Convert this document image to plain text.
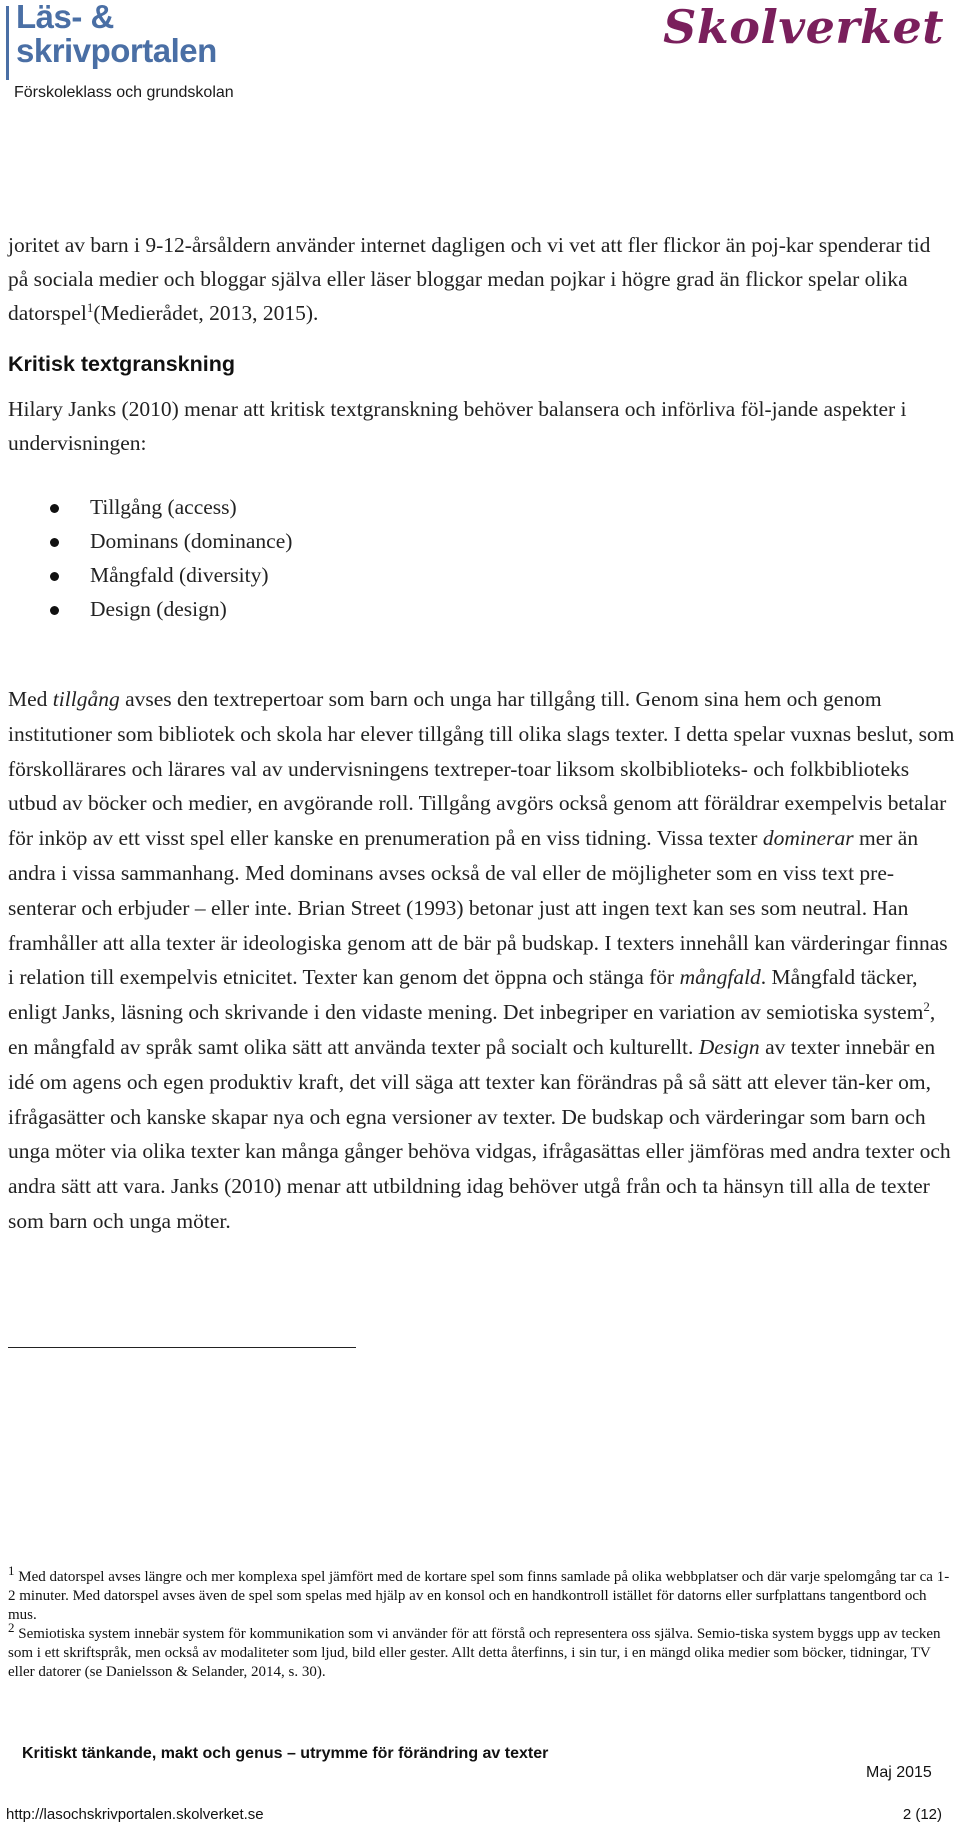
Läs- &
skrivportalen
Förskoleklass och grundskolan
Skolverket
joritet av barn i 9-12-årsåldern använder internet dagligen och vi vet att fler flickor än poj-kar spenderar tid på sociala medier och bloggar själva eller läser bloggar medan pojkar i högre grad än flickor spelar olika datorspel$^1$(Medierådet, 2013, 2015).
Kritisk textgranskning
Hilary Janks (2010) menar att kritisk textgranskning behöver balansera och införliva föl-jande aspekter i undervisningen:
Tillgång (access)
Dominans (dominance)
Mångfald (diversity)
Design (design)
Med tillgång avses den textrepertoar som barn och unga har tillgång till. Genom sina hem och genom institutioner som bibliotek och skola har elever tillgång till olika slags texter. I detta spelar vuxnas beslut, som förskollärares och lärares val av undervisningens textreper-toar liksom skolbiblioteks- och folkbiblioteks utbud av böcker och medier, en avgörande roll. Tillgång avgörs också genom att föräldrar exempelvis betalar för inköp av ett visst spel eller kanske en prenumeration på en viss tidning. Vissa texter dominerar mer än andra i vissa sammanhang. Med dominans avses också de val eller de möjligheter som en viss text pre-senterar och erbjuder – eller inte. Brian Street (1993) betonar just att ingen text kan ses som neutral. Han framhåller att alla texter är ideologiska genom att de bär på budskap. I texters innehåll kan värderingar finnas i relation till exempelvis etnicitet. Texter kan genom det öppna och stänga för mångfald. Mångfald täcker, enligt Janks, läsning och skrivande i den vidaste mening. Det inbegriper en variation av semiotiska system$^2$, en mångfald av språk samt olika sätt att använda texter på socialt och kulturellt. Design av texter innebär en idé om agens och egen produktiv kraft, det vill säga att texter kan förändras på så sätt att elever tän-ker om, ifrågasätter och kanske skapar nya och egna versioner av texter. De budskap och värderingar som barn och unga möter via olika texter kan många gånger behöva vidgas, ifrågasättas eller jämföras med andra texter och andra sätt att vara. Janks (2010) menar att utbildning idag behöver utgå från och ta hänsyn till alla de texter som barn och unga möter.

$^1$ Med datorspel avses längre och mer komplexa spel jämfört med de kortare spel som finns samlade på olika webbplatser och där varje spelomgång tar ca 1-2 minuter. Med datorspel avses även de spel som spelas med hjälp av en konsol och en handkontroll istället för datorns eller surfplattans tangentbord och mus.

$^2$ Semiotiska system innebär system för kommunikation som vi använder för att förstå och representera oss själva. Semio-tiska system byggs upp av tecken som i ett skriftspråk, men också av modaliteter som ljud, bild eller gester. Allt detta återfinns, i sin tur, i en mängd olika medier som böcker, tidningar, TV eller datorer (se Danielsson & Selander, 2014, s. 30).

Kritiskt tänkande, makt och genus – utrymme för förändring av texter
Maj 2015
http://lasochskrivportalen.skolverket.se	2 (12)
